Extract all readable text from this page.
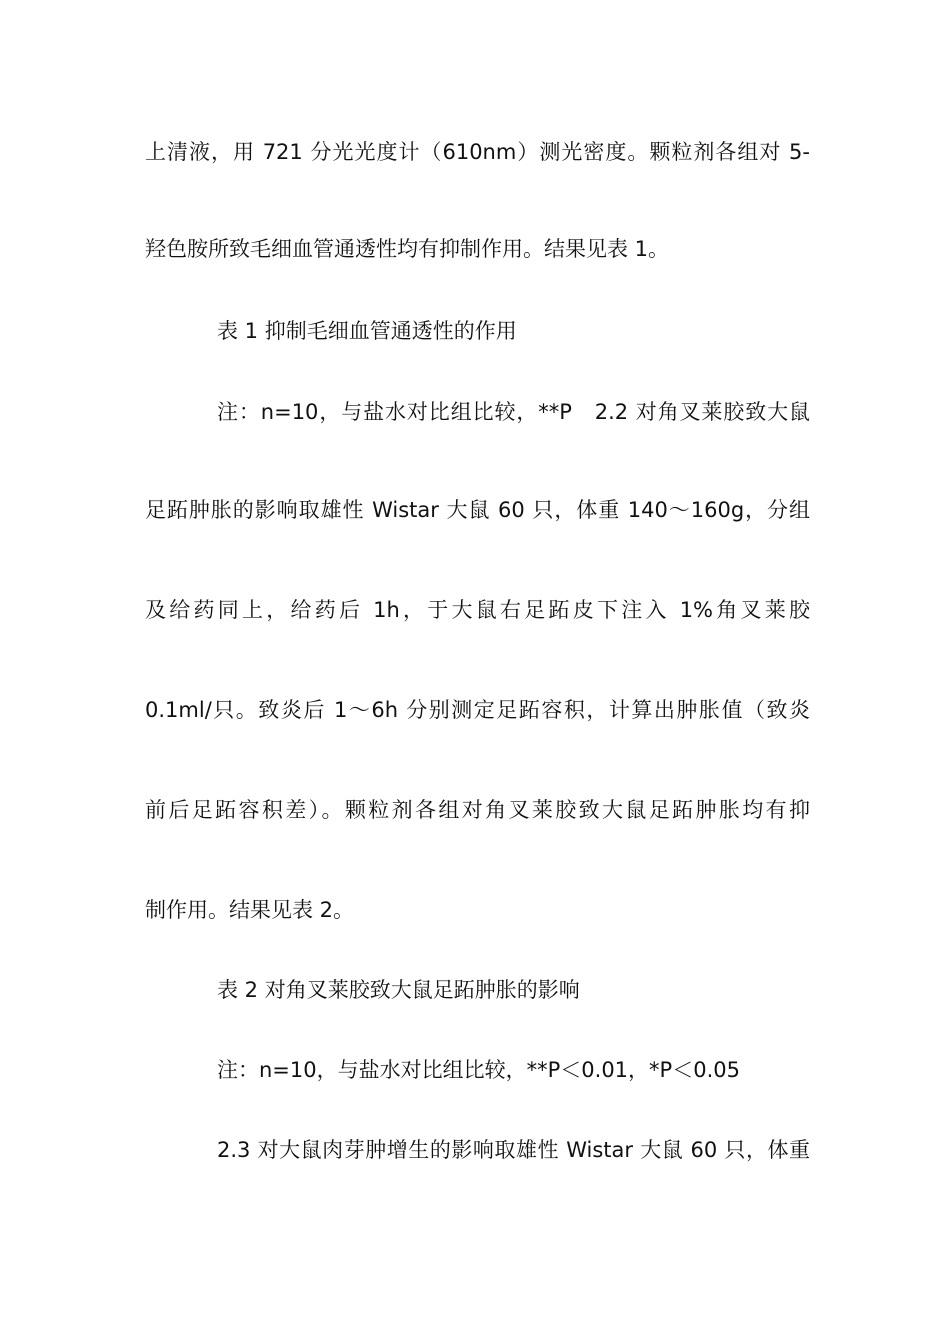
上清液，用 721 分光光度计（610nm）测光密度。颗粒剂各组对 5-
羟色胺所致毛细血管通透性均有抑制作用。结果见表 1。
表 1 抑制毛细血管通透性的作用
注：n=10，与盐水对比组比较，**P　2.2 对角叉莱胶致大鼠
足跖肿胀的影响取雄性 Wistar 大鼠 60 只，体重 140～160g，分组
及给药同上，给药后 1h，于大鼠右足跖皮下注入 1%角叉莱胶
0.1ml/只。致炎后 1～6h 分别测定足跖容积，计算出肿胀值（致炎
前后足跖容积差）。颗粒剂各组对角叉莱胶致大鼠足跖肿胀均有抑
制作用。结果见表 2。
表 2 对角叉莱胶致大鼠足跖肿胀的影响
注：n=10，与盐水对比组比较，**P＜0.01，*P＜0.05
2.3 对大鼠肉芽肿增生的影响取雄性 Wistar 大鼠 60 只，体重
